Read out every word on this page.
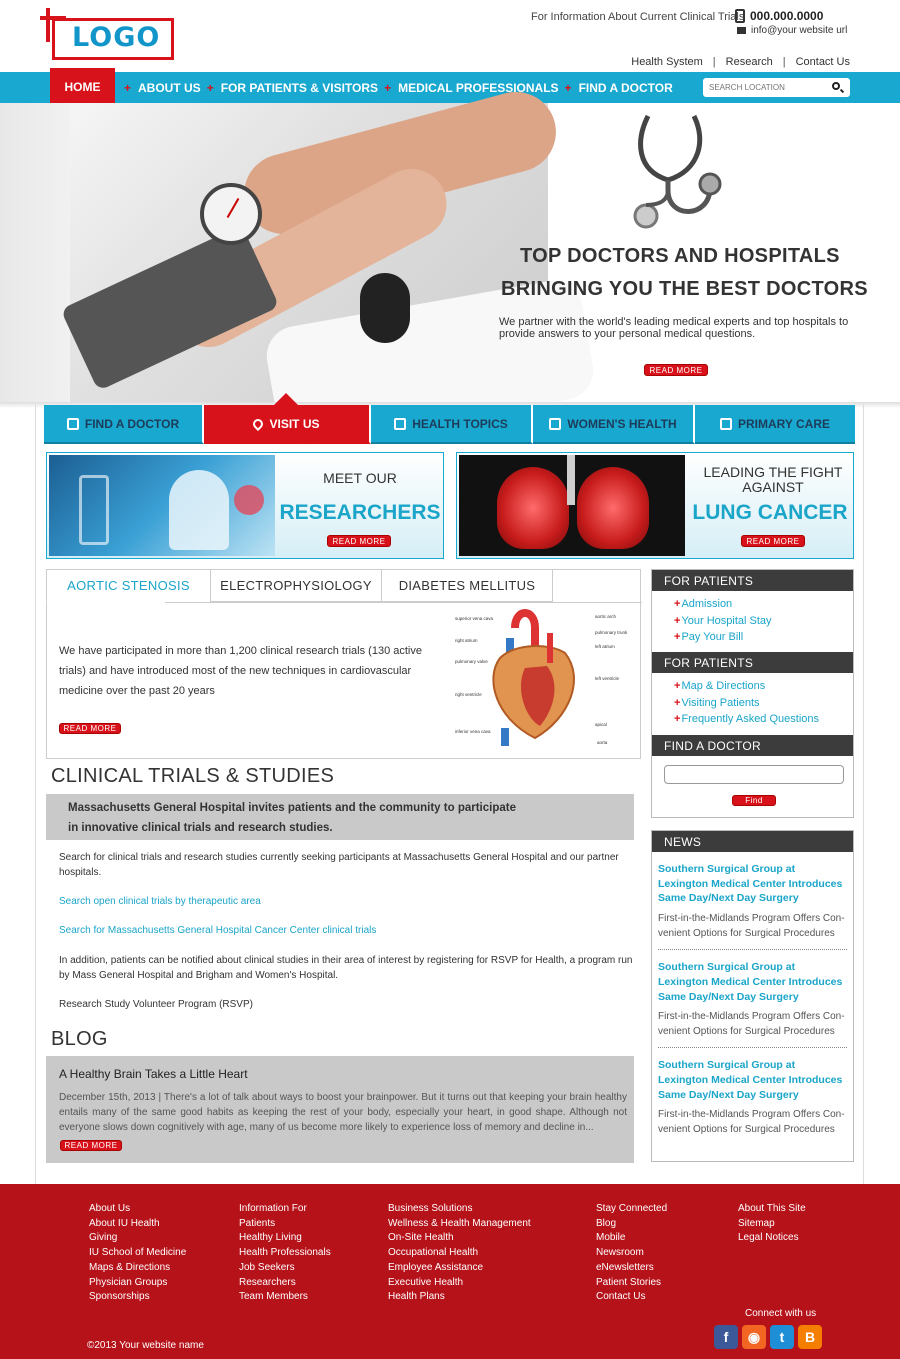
LOGO
For Information About Current Clinical Trials 000.000.0000
info@your website url
Health System | Research | Contact Us
HOME	+ ABOUT US + FOR PATIENTS & VISITORS + MEDICAL PROFESSIONALS + FIND A DOCTOR
SEARCH LOCATION
TOP DOCTORS AND HOSPITALS
BRINGING YOU THE BEST DOCTORS
We partner with the world's leading medical experts and top hospitals to provide answers to your personal medical questions.
READ MORE
FIND A DOCTOR	VISIT US	HEALTH TOPICS	WOMEN'S HEALTH	PRIMARY CARE
MEET OUR
RESEARCHERS
READ MORE
LEADING THE FIGHT AGAINST
LUNG CANCER
READ MORE
AORTIC STENOSIS	ELECTROPHYSIOLOGY	DIABETES MELLITUS
We have participated in more than 1,200 clinical research trials (130 active trials) and have introduced most of the new techniques in cardiovascular medicine over the past 20 years
READ MORE
superior vena cava
right atrium
pulmonary valve
right ventricle
inferior vena cava
aortic arch
pulmonary trunk
left atrium
left ventricle
apical
aorta
FOR PATIENTS
+ Admission
+ Your Hospital Stay
+ Pay Your Bill
FOR PATIENTS
+ Map & Directions
+ Visiting Patients
+ Frequently Asked Questions
FIND A DOCTOR
Find
NEWS
Southern Surgical Group at Lexington Medical Center Introduces Same Day/Next Day Surgery
First-in-the-Midlands Program Offers Con-venient Options for Surgical Procedures
Southern Surgical Group at Lexington Medical Center Introduces Same Day/Next Day Surgery
First-in-the-Midlands Program Offers Con-venient Options for Surgical Procedures
Southern Surgical Group at Lexington Medical Center Introduces Same Day/Next Day Surgery
First-in-the-Midlands Program Offers Con-venient Options for Surgical Procedures
CLINICAL TRIALS & STUDIES
Massachusetts General Hospital invites patients and the community to participate
in innovative clinical trials and research studies.
Search for clinical trials and research studies currently seeking participants at Massachusetts General Hospital and our partner hospitals.
Search open clinical trials by therapeutic area
Search for Massachusetts General Hospital Cancer Center clinical trials
In addition, patients can be notified about clinical studies in their area of interest by registering for RSVP for Health, a program run by Mass General Hospital and Brigham and Women's Hospital.
Research Study Volunteer Program (RSVP)
BLOG
A Healthy Brain Takes a Little Heart
December 15th, 2013 | There's a lot of talk about ways to boost your brainpower. But it turns out that keeping your brain healthy entails many of the same good habits as keeping the rest of your body, especially your heart, in good shape. Although not everyone slows down cognitively with age, many of us become more likely to experience loss of memory and decline in...
READ MORE
About Us
About IU Health
Giving
IU School of Medicine
Maps & Directions
Physician Groups
Sponsorships
Information For
Patients
Healthy Living
Health Professionals
Job Seekers
Researchers
Team Members
Business Solutions
Wellness & Health Management
On-Site Health
Occupational Health
Employee Assistance
Executive Health
Health Plans
Stay Connected
Blog
Mobile
Newsroom
eNewsletters
Patient Stories
Contact Us
About This Site
Sitemap
Legal Notices
Connect with us
f	◉	t	B
©2013 Your website name
